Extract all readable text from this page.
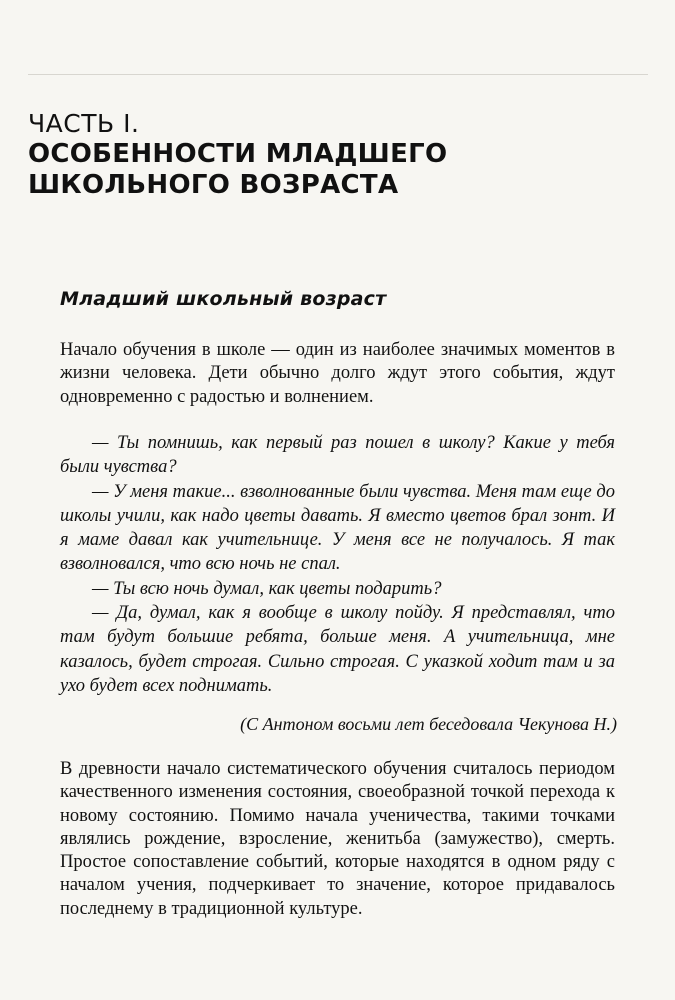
ЧАСТЬ I.
ОСОБЕННОСТИ МЛАДШЕГО
ШКОЛЬНОГО ВОЗРАСТА
Младший школьный возраст

Начало обучения в школе — один из наиболее значимых моментов в жизни человека. Дети обычно долго ждут этого события, ждут одновременно с радостью и волнением.

— Ты помнишь, как первый раз пошел в школу? Какие у тебя были чувства?

— У меня такие... взволнованные были чувства. Меня там еще до школы учили, как надо цветы давать. Я вместо цветов брал зонт. И я маме давал как учительнице. У меня все не получалось. Я так взволновался, что всю ночь не спал.

— Ты всю ночь думал, как цветы подарить?

— Да, думал, как я вообще в школу пойду. Я представлял, что там будут большие ребята, больше меня. А учительница, мне казалось, будет строгая. Сильно строгая. С указкой ходит там и за ухо будет всех поднимать.

(С Антоном восьми лет беседовала Чекунова Н.)

В древности начало систематического обучения считалось периодом качественного изменения состояния, своеобразной точкой перехода к новому состоянию. Помимо начала ученичества, такими точками являлись рождение, взросление, женитьба (замужество), смерть. Простое сопоставление событий, которые находятся в одном ряду с началом учения, подчеркивает то значение, которое придавалось последнему в традиционной культуре.
